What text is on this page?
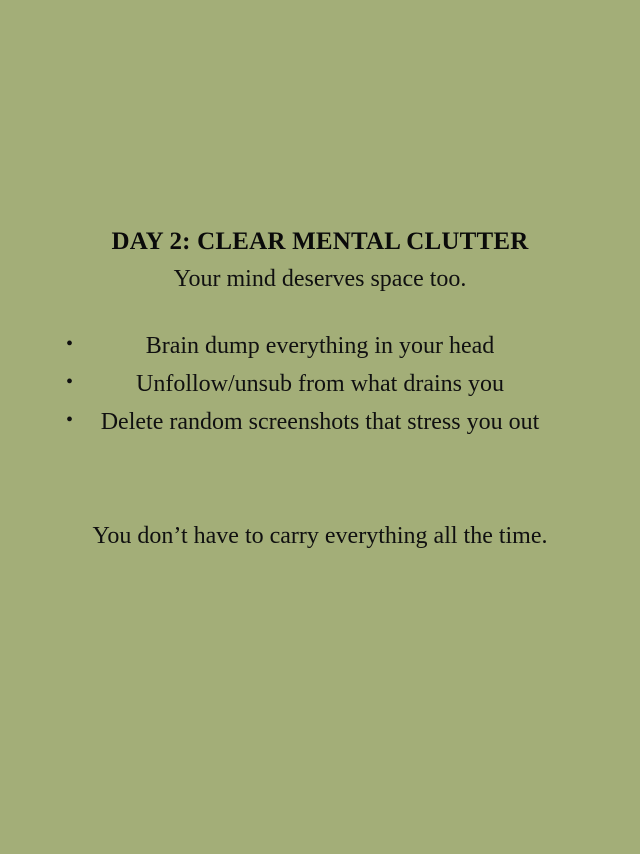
DAY 2: CLEAR MENTAL CLUTTER

Your mind deserves space too.

•	Brain dump everything in your head
•	Unfollow/unsub from what drains you
• Delete random screenshots that stress you out

You don’t have to carry everything all the time.
